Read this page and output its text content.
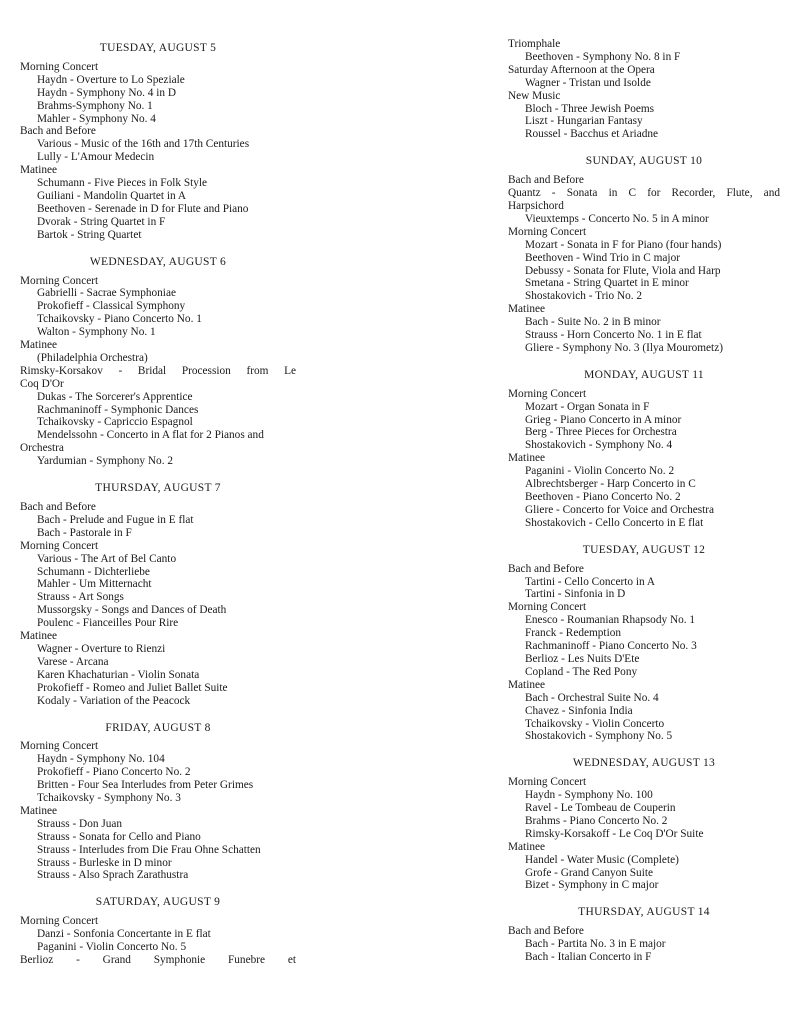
TUESDAY, AUGUST 5
Morning Concert
Haydn - Overture to Lo Speziale
Haydn - Symphony No. 4 in D
Brahms-Symphony No. 1
Mahler - Symphony No. 4
Bach and Before
Various - Music of the 16th and 17th Centuries
Lully - L'Amour Medecin
Matinee
Schumann - Five Pieces in Folk Style
Guiliani - Mandolin Quartet in A
Beethoven - Serenade in D for Flute and Piano
Dvorak - String Quartet in F
Bartok - String Quartet
WEDNESDAY, AUGUST 6
Morning Concert
Gabrielli - Sacrae Symphoniae
Prokofieff - Classical Symphony
Tchaikovsky - Piano Concerto No. 1
Walton - Symphony No. 1
Matinee
(Philadelphia Orchestra)
Rimsky-Korsakov - Bridal Procession from Le
Coq D'Or
Dukas - The Sorcerer's Apprentice
Rachmaninoff - Symphonic Dances
Tchaikovsky - Capriccio Espagnol
Mendelssohn - Concerto in A flat for 2 Pianos and
Orchestra
Yardumian - Symphony No. 2
THURSDAY, AUGUST 7
Bach and Before
Bach - Prelude and Fugue in E flat
Bach - Pastorale in F
Morning Concert
Various - The Art of Bel Canto
Schumann - Dichterliebe
Mahler - Um Mitternacht
Strauss - Art Songs
Mussorgsky - Songs and Dances of Death
Poulenc - Fianceilles Pour Rire
Matinee
Wagner - Overture to Rienzi
Varese - Arcana
Karen Khachaturian - Violin Sonata
Prokofieff - Romeo and Juliet Ballet Suite
Kodaly - Variation of the Peacock
FRIDAY, AUGUST 8
Morning Concert
Haydn - Symphony No. 104
Prokofieff - Piano Concerto No. 2
Britten - Four Sea Interludes from Peter Grimes
Tchaikovsky - Symphony No. 3
Matinee
Strauss - Don Juan
Strauss - Sonata for Cello and Piano
Strauss - Interludes from Die Frau Ohne Schatten
Strauss - Burleske in D minor
Strauss - Also Sprach Zarathustra
SATURDAY, AUGUST 9
Morning Concert
Danzi - Sonfonia Concertante in E flat
Paganini - Violin Concerto No. 5
Berlioz - Grand Symphonie Funebre et
Triomphale
Beethoven - Symphony No. 8 in F
Saturday Afternoon at the Opera
Wagner - Tristan und Isolde
New Music
Bloch - Three Jewish Poems
Liszt - Hungarian Fantasy
Roussel - Bacchus et Ariadne
SUNDAY, AUGUST 10
Bach and Before
Quantz - Sonata in C for Recorder, Flute, and
Harpsichord
Vieuxtemps - Concerto No. 5 in A minor
Morning Concert
Mozart - Sonata in F for Piano (four hands)
Beethoven - Wind Trio in C major
Debussy - Sonata for Flute, Viola and Harp
Smetana - String Quartet in E minor
Shostakovich - Trio No. 2
Matinee
Bach - Suite No. 2 in B minor
Strauss - Horn Concerto No. 1 in E flat
Gliere - Symphony No. 3 (Ilya Mourometz)
MONDAY, AUGUST 11
Morning Concert
Mozart - Organ Sonata in F
Grieg - Piano Concerto in A minor
Berg - Three Pieces for Orchestra
Shostakovich - Symphony No. 4
Matinee
Paganini - Violin Concerto No. 2
Albrechtsberger - Harp Concerto in C
Beethoven - Piano Concerto No. 2
Gliere - Concerto for Voice and Orchestra
Shostakovich - Cello Concerto in E flat
TUESDAY, AUGUST 12
Bach and Before
Tartini - Cello Concerto in A
Tartini - Sinfonia in D
Morning Concert
Enesco - Roumanian Rhapsody No. 1
Franck - Redemption
Rachmaninoff - Piano Concerto No. 3
Berlioz - Les Nuits D'Ete
Copland - The Red Pony
Matinee
Bach - Orchestral Suite No. 4
Chavez - Sinfonia India
Tchaikovsky - Violin Concerto
Shostakovich - Symphony No. 5
WEDNESDAY, AUGUST 13
Morning Concert
Haydn - Symphony No. 100
Ravel - Le Tombeau de Couperin
Brahms - Piano Concerto No. 2
Rimsky-Korsakoff - Le Coq D'Or Suite
Matinee
Handel - Water Music (Complete)
Grofe - Grand Canyon Suite
Bizet - Symphony in C major
THURSDAY, AUGUST 14
Bach and Before
Bach - Partita No. 3 in E major
Bach - Italian Concerto in F
